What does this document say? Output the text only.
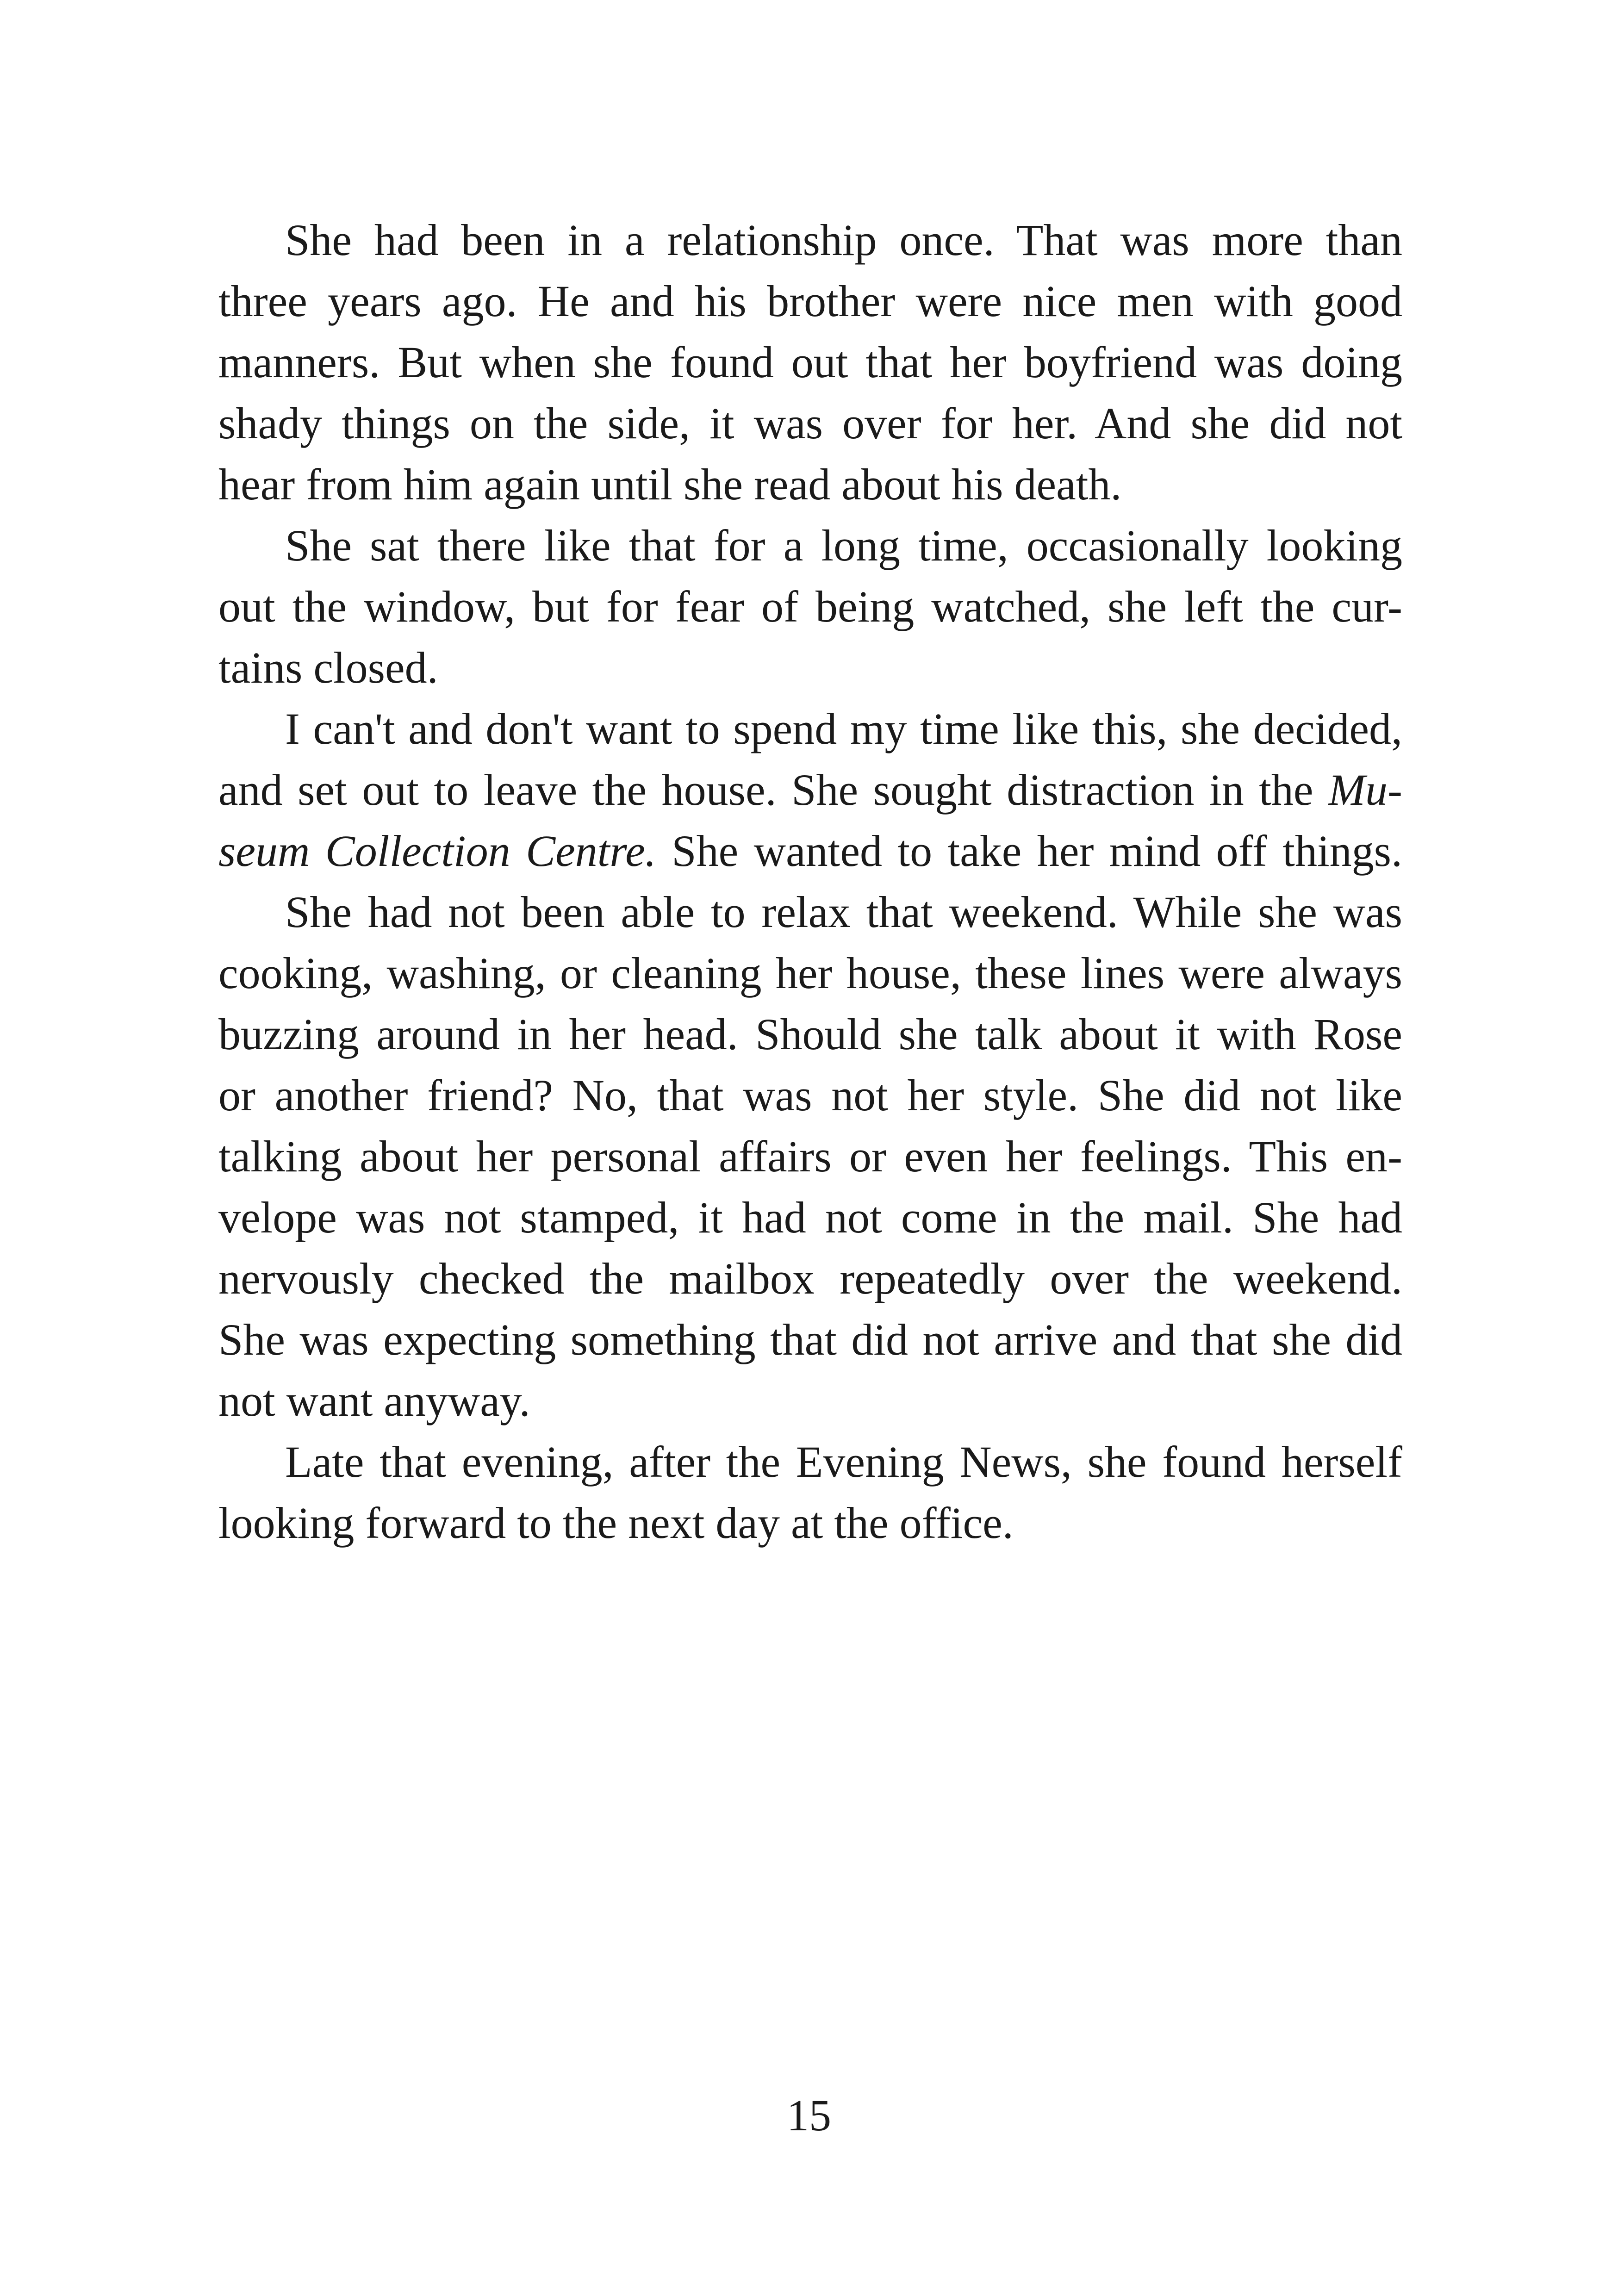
She had been in a relationship once. That was more than
three years ago. He and his brother were nice men with good
manners. But when she found out that her boyfriend was doing
shady things on the side, it was over for her. And she did not
hear from him again until she read about his death.
She sat there like that for a long time, occasionally looking
out the window, but for fear of being watched, she left the cur-
tains closed.
I can't and don't want to spend my time like this, she decided,
and set out to leave the house. She sought distraction in the Mu-
seum Collection Centre. She wanted to take her mind off things.
She had not been able to relax that weekend. While she was
cooking, washing, or cleaning her house, these lines were always
buzzing around in her head. Should she talk about it with Rose
or another friend? No, that was not her style. She did not like
talking about her personal affairs or even her feelings. This en-
velope was not stamped, it had not come in the mail. She had
nervously checked the mailbox repeatedly over the weekend.
She was expecting something that did not arrive and that she did
not want anyway.
Late that evening, after the Evening News, she found herself
looking forward to the next day at the office.
15
